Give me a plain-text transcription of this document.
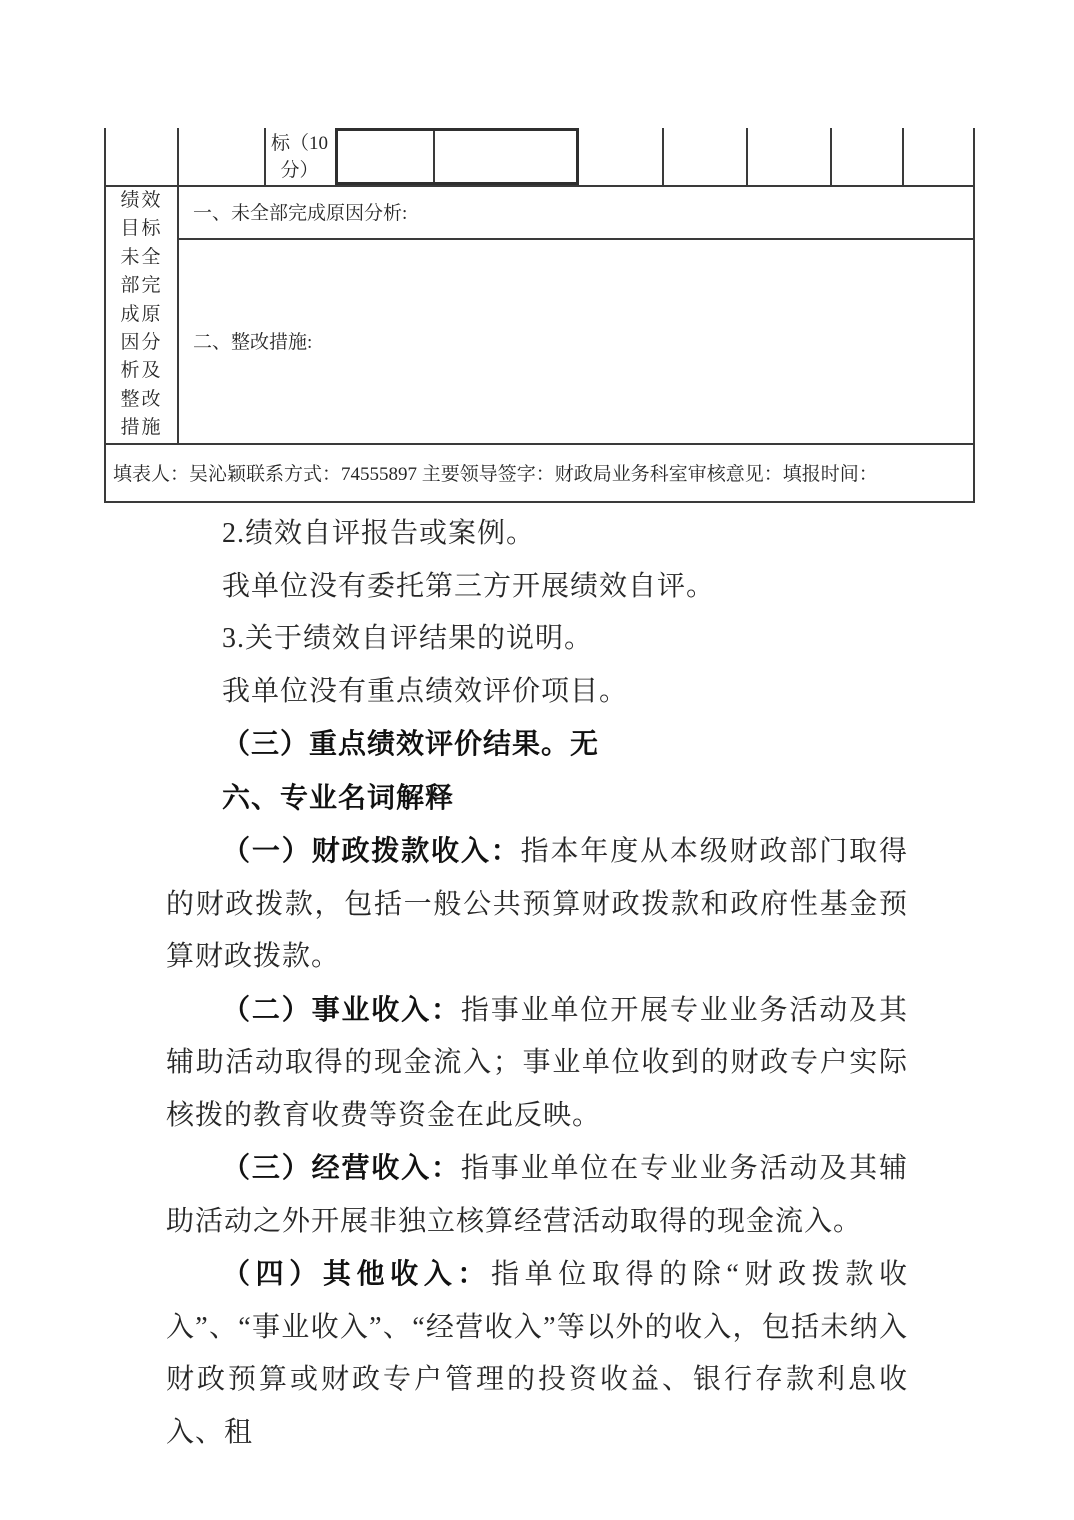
标（10
分）
绩效
目标
未全
部完
成原
因分
析及
整改
措施
一、未全部完成原因分析:
二、整改措施:
填表人：吴沁颖联系方式：74555897 主要领导签字：财政局业务科室审核意见：填报时间：

2.绩效自评报告或案例。

我单位没有委托第三方开展绩效自评。

3.关于绩效自评结果的说明。

我单位没有重点绩效评价项目。

（三）重点绩效评价结果。无

六、专业名词解释

（一）财政拨款收入：指本年度从本级财政部门取得的财政拨款，包括一般公共预算财政拨款和政府性基金预算财政拨款。

（二）事业收入：指事业单位开展专业业务活动及其辅助活动取得的现金流入；事业单位收到的财政专户实际核拨的教育收费等资金在此反映。

（三）经营收入：指事业单位在专业业务活动及其辅助活动之外开展非独立核算经营活动取得的现金流入。

（四）其他收入：指单位取得的除“财政拨款收入”、“事业收入”、“经营收入”等以外的收入，包括未纳入财政预算或财政专户管理的投资收益、银行存款利息收入、租
